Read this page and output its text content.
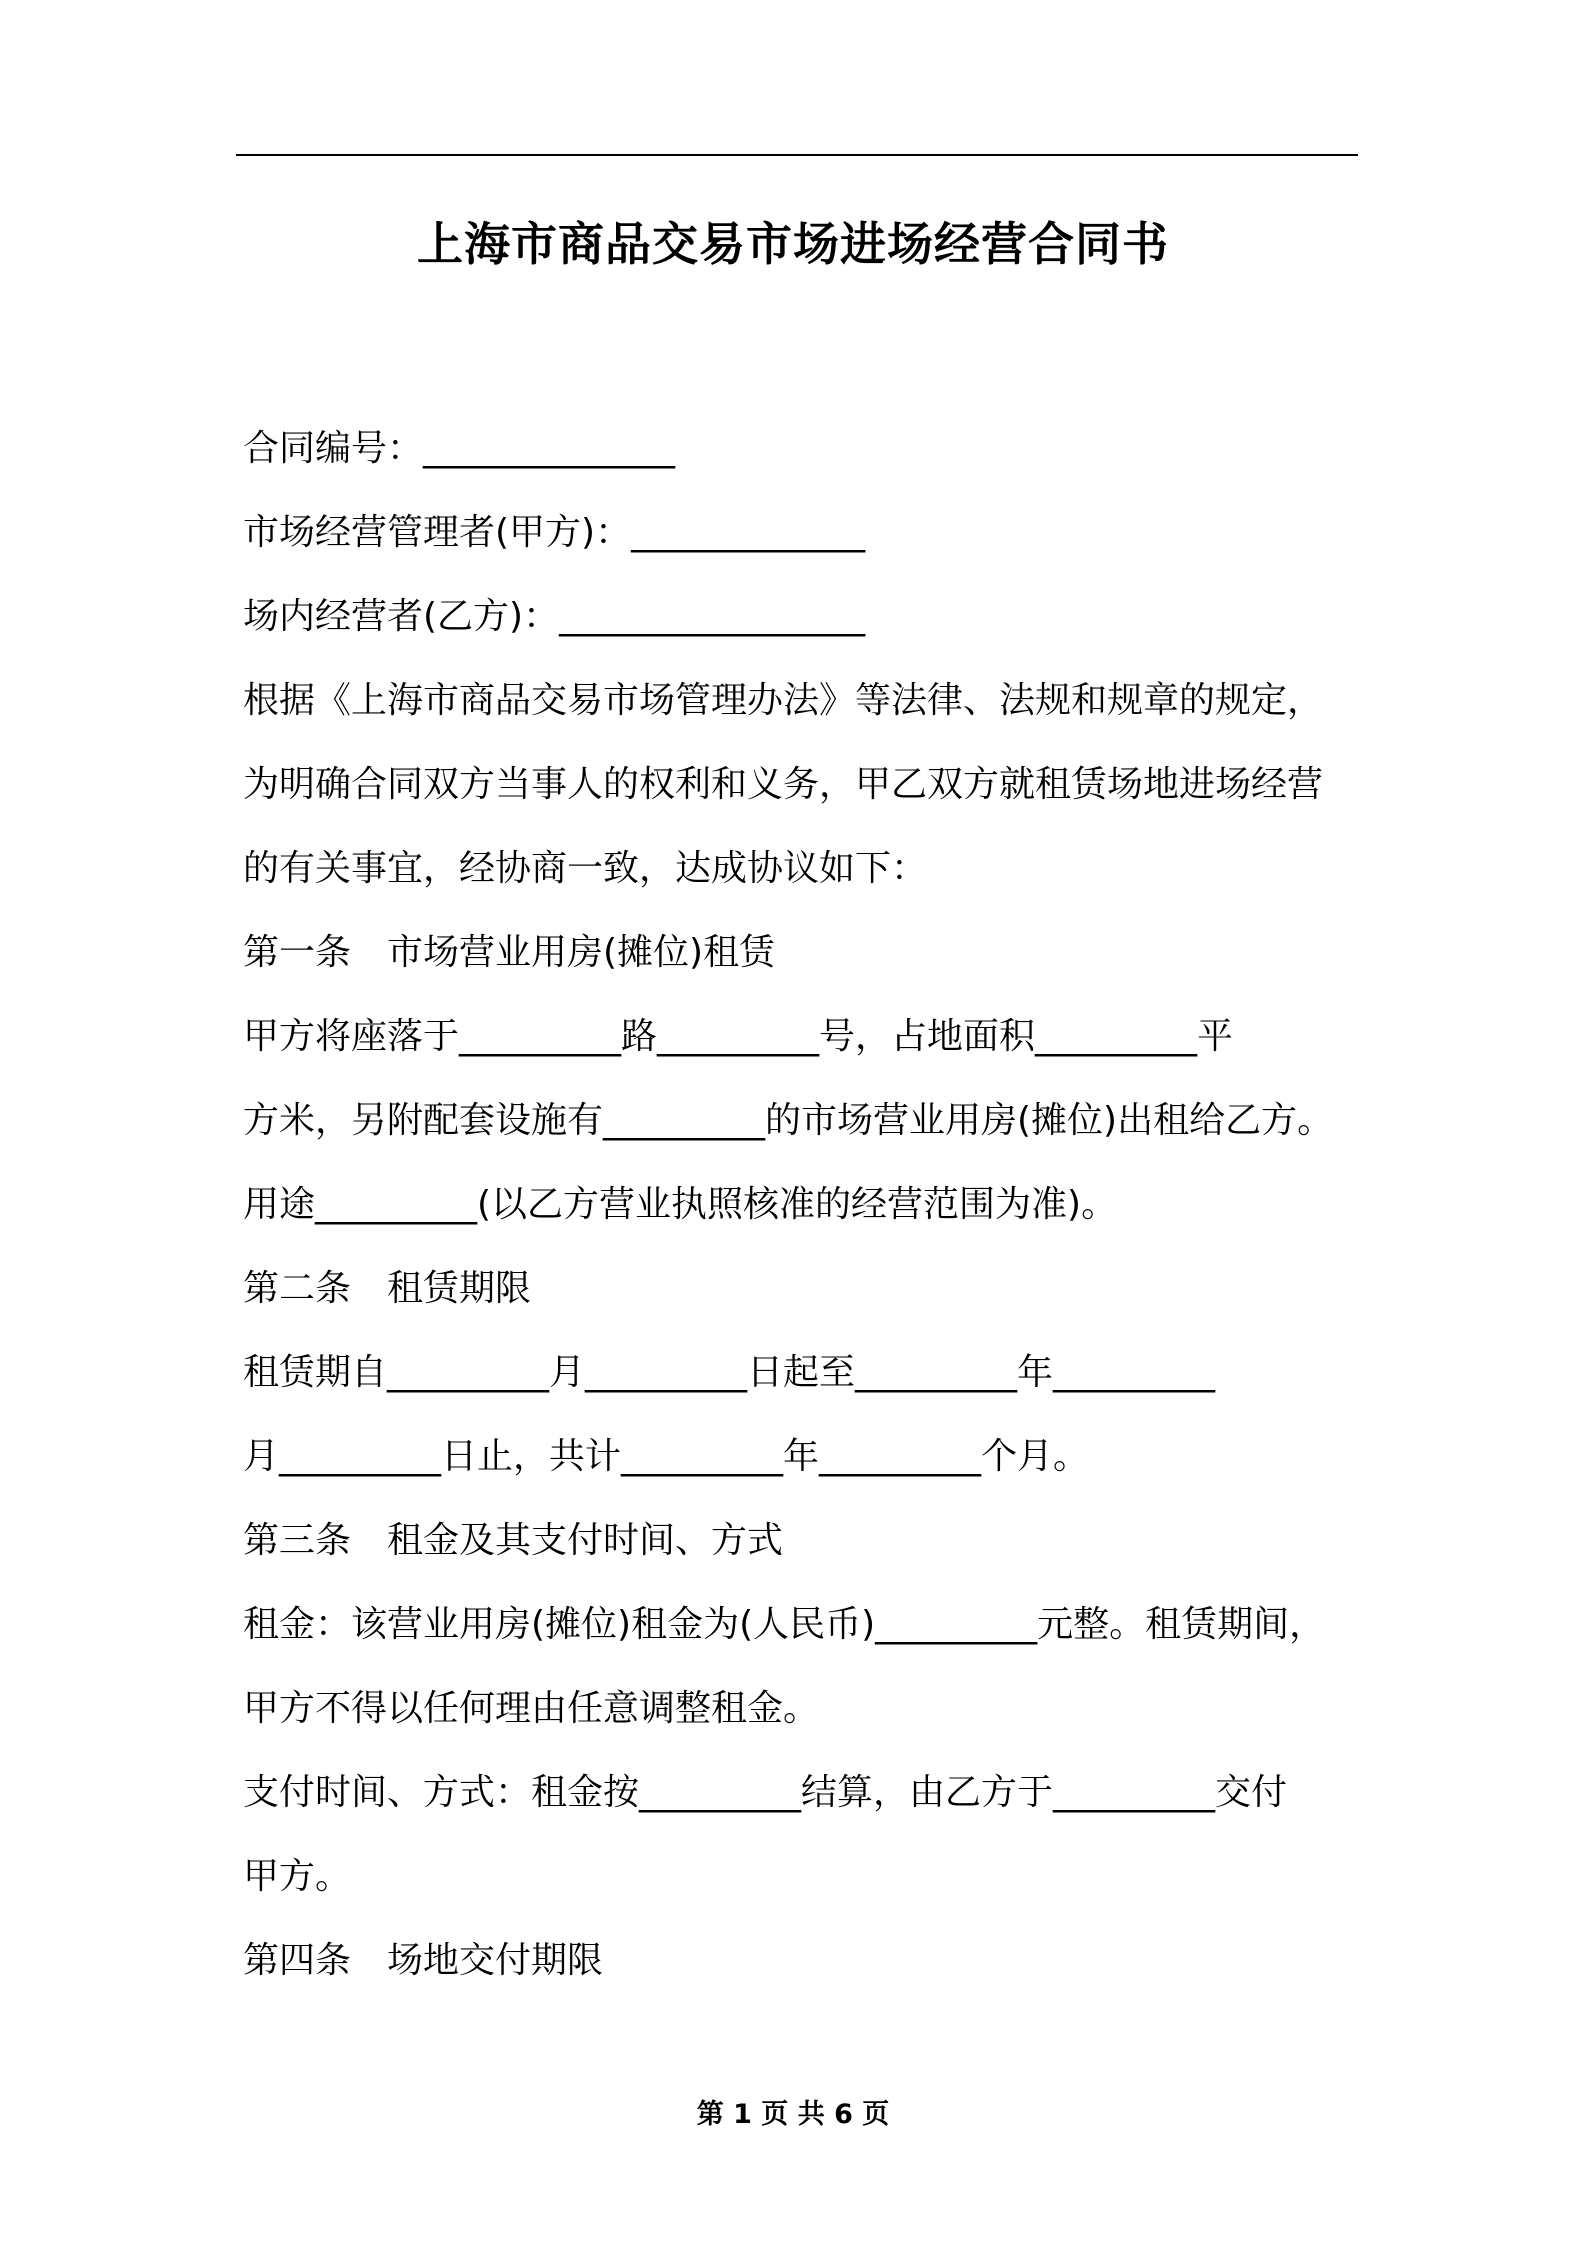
上海市商品交易市场进场经营合同书
合同编号：______________
市场经营管理者(甲方)：_____________
场内经营者(乙方)：_________________
根据《上海市商品交易市场管理办法》等法律、法规和规章的规定，
为明确合同双方当事人的权利和义务，甲乙双方就租赁场地进场经营
的有关事宜，经协商一致，达成协议如下：
第一条　市场营业用房(摊位)租赁
甲方将座落于_________路_________号，占地面积_________平
方米，另附配套设施有_________的市场营业用房(摊位)出租给乙方。
用途_________(以乙方营业执照核准的经营范围为准)。
第二条　租赁期限
租赁期自_________月_________日起至_________年_________
月_________日止，共计_________年_________个月。
第三条　租金及其支付时间、方式
租金：该营业用房(摊位)租金为(人民币)_________元整。租赁期间，
甲方不得以任何理由任意调整租金。
支付时间、方式：租金按_________结算，由乙方于_________交付
甲方。
第四条　场地交付期限
第 1 页 共 6 页
